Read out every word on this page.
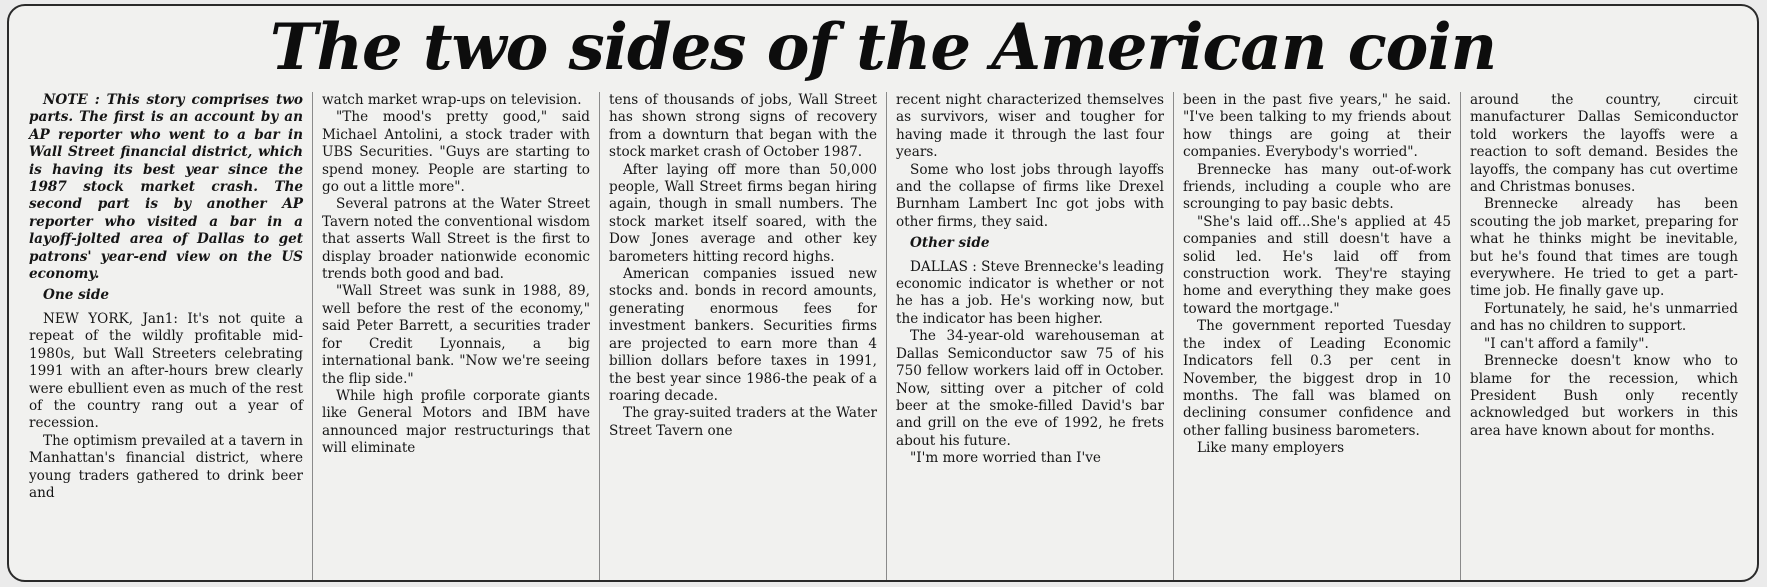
The two sides of the American coin

NOTE : This story comprises two parts. The first is an account by an AP reporter who went to a bar in Wall Street financial district, which is having its best year since the 1987 stock market crash. The second part is by another AP reporter who visited a bar in a layoff-jolted area of Dallas to get patrons' year-end view on the US economy.

One side

NEW YORK, Jan1: It's not quite a repeat of the wildly profitable mid-1980s, but Wall Streeters celebrating 1991 with an after-hours brew clearly were ebullient even as much of the rest of the country rang out a year of recession.

The optimism prevailed at a tavern in Manhattan's financial district, where young traders gathered to drink beer and

watch market wrap-ups on television.

"The mood's pretty good," said Michael Antolini, a stock trader with UBS Securities. "Guys are starting to spend money. People are starting to go out a little more".

Several patrons at the Water Street Tavern noted the conventional wisdom that asserts Wall Street is the first to display broader nationwide economic trends both good and bad.

"Wall Street was sunk in 1988, 89, well before the rest of the economy," said Peter Barrett, a securities trader for Credit Lyonnais, a big international bank. "Now we're seeing the flip side."

While high profile corporate giants like General Motors and IBM have announced major restructurings that will eliminate

tens of thousands of jobs, Wall Street has shown strong signs of recovery from a downturn that began with the stock market crash of October 1987.

After laying off more than 50,000 people, Wall Street firms began hiring again, though in small numbers. The stock market itself soared, with the Dow Jones average and other key barometers hitting record highs.

American companies issued new stocks and. bonds in record amounts, generating enormous fees for investment bankers. Securities firms are projected to earn more than 4 billion dollars before taxes in 1991, the best year since 1986-the peak of a roaring decade.

The gray-suited traders at the Water Street Tavern one

recent night characterized themselves as survivors, wiser and tougher for having made it through the last four years.

Some who lost jobs through layoffs and the collapse of firms like Drexel Burnham Lambert Inc got jobs with other firms, they said.

Other side

DALLAS : Steve Brennecke's leading economic indicator is whether or not he has a job. He's working now, but the indicator has been higher.

The 34-year-old warehouseman at Dallas Semiconductor saw 75 of his 750 fellow workers laid off in October. Now, sitting over a pitcher of cold beer at the smoke-filled David's bar and grill on the eve of 1992, he frets about his future.

"I'm more worried than I've

been in the past five years," he said. "I've been talking to my friends about how things are going at their companies. Everybody's worried".

Brennecke has many out-of-work friends, including a couple who are scrounging to pay basic debts.

"She's laid off...She's applied at 45 companies and still doesn't have a solid led. He's laid off from construction work. They're staying home and everything they make goes toward the mortgage."

The government reported Tuesday the index of Leading Economic Indicators fell 0.3 per cent in November, the biggest drop in 10 months. The fall was blamed on declining consumer confidence and other falling business barometers.

Like many employers

around the country, circuit manufacturer Dallas Semiconductor told workers the layoffs were a reaction to soft demand. Besides the layoffs, the company has cut overtime and Christmas bonuses.

Brennecke already has been scouting the job market, preparing for what he thinks might be inevitable, but he's found that times are tough everywhere. He tried to get a part-time job. He finally gave up.

Fortunately, he said, he's unmarried and has no children to support.

"I can't afford a family".

Brennecke doesn't know who to blame for the recession, which President Bush only recently acknowledged but workers in this area have known about for months.
